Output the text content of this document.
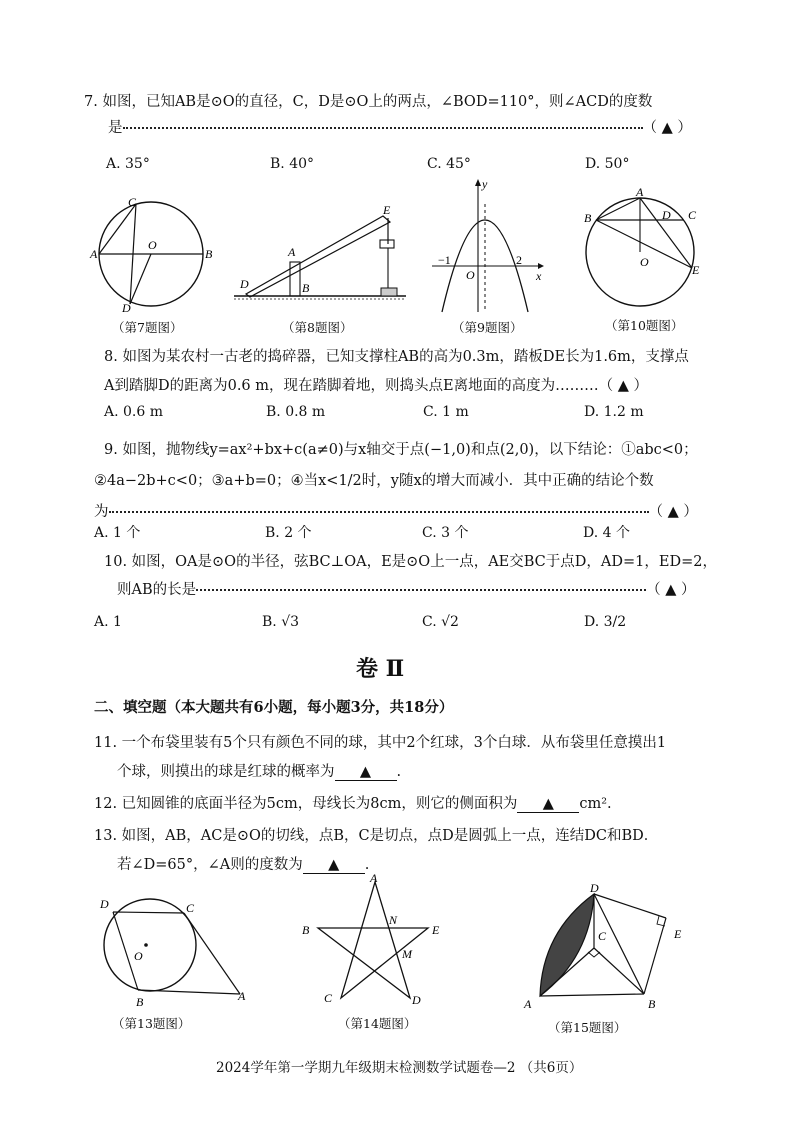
7. 如图，已知AB是⊙O的直径，C，D是⊙O上的两点，∠BOD=110°，则∠ACD的度数
是	（ ▲ ）
A. 35°	B. 40°	C. 45°	D. 50°
C
A
O
B
D
（第7题图）
E
A
D	B
（第8题图）
y
−1
O
2
x
（第9题图）
A
B	D C
O
E
（第10题图）
8. 如图为某农村一古老的捣碎器，已知支撑柱AB的高为0.3m，踏板DE长为1.6m，支撑点
A到踏脚D的距离为0.6 m，现在踏脚着地，则捣头点E离地面的高度为………（ ▲ ）
A. 0.6 m	B. 0.8 m	C. 1 m	D. 1.2 m
9. 如图，抛物线y=ax²+bx+c(a≠0)与x轴交于点(−1,0)和点(2,0)，以下结论：①abc<0；
②4a−2b+c<0；③a+b=0；④当x<1/2时，y随x的增大而减小．其中正确的结论个数
为	（ ▲ ）
A. 1 个	B. 2 个	C. 3 个	D. 4 个
10. 如图，OA是⊙O的半径，弦BC⊥OA，E是⊙O上一点，AE交BC于点D，AD=1，ED=2，
则AB的长是	（ ▲ ）
A. 1	B. √3	C. √2	D. 3/2
卷 Ⅱ
二、填空题（本大题共有6小题，每小题3分，共18分）
11. 一个布袋里装有5个只有颜色不同的球，其中2个红球，3个白球．从布袋里任意摸出1
个球，则摸出的球是红球的概率为 ▲ .
12. 已知圆锥的底面半径为5cm，母线长为8cm，则它的侧面积为 ▲ cm².
13. 如图，AB，AC是⊙O的切线，点B，C是切点，点D是圆弧上一点，连结DC和BD．
若∠D=65°，∠A则的度数为 ▲ .
D	C
O
B	A
（第13题图）
A
B
N
E
M
C	D
（第14题图）
D
C	E
A	B
（第15题图）
2024学年第一学期九年级期末检测数学试题卷—2 （共6页）
